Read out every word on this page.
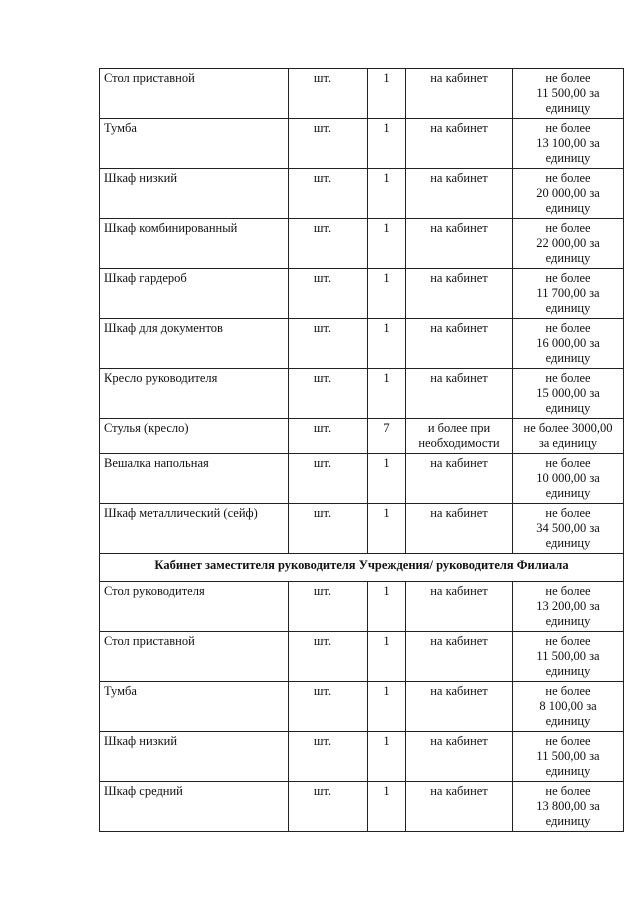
Стол приставной	шт.	1	на кабинет	не более
11 500,00 за
единицу
Тумба	шт.	1	на кабинет	не более
13 100,00 за
единицу
Шкаф низкий	шт.	1	на кабинет	не более
20 000,00 за
единицу
Шкаф комбинированный	шт.	1	на кабинет	не более
22 000,00 за
единицу
Шкаф гардероб	шт.	1	на кабинет	не более
11 700,00 за
единицу
Шкаф для документов	шт.	1	на кабинет	не более
16 000,00 за
единицу
Кресло руководителя	шт.	1	на кабинет	не более
15 000,00 за
единицу
Стулья (кресло)	шт.	7	и более при
необходимости	не более 3000,00
за единицу
Вешалка напольная	шт.	1	на кабинет	не более
10 000,00 за
единицу
Шкаф металлический (сейф)	шт.	1	на кабинет	не более
34 500,00 за
единицу
Кабинет заместителя руководителя Учреждения/ руководителя Филиала				
Стол руководителя	шт.	1	на кабинет	не более
13 200,00 за
единицу
Стол приставной	шт.	1	на кабинет	не более
11 500,00 за
единицу
Тумба	шт.	1	на кабинет	не более
8 100,00 за
единицу
Шкаф низкий	шт.	1	на кабинет	не более
11 500,00 за
единицу
Шкаф средний	шт.	1	на кабинет	не более
13 800,00 за
единицу
